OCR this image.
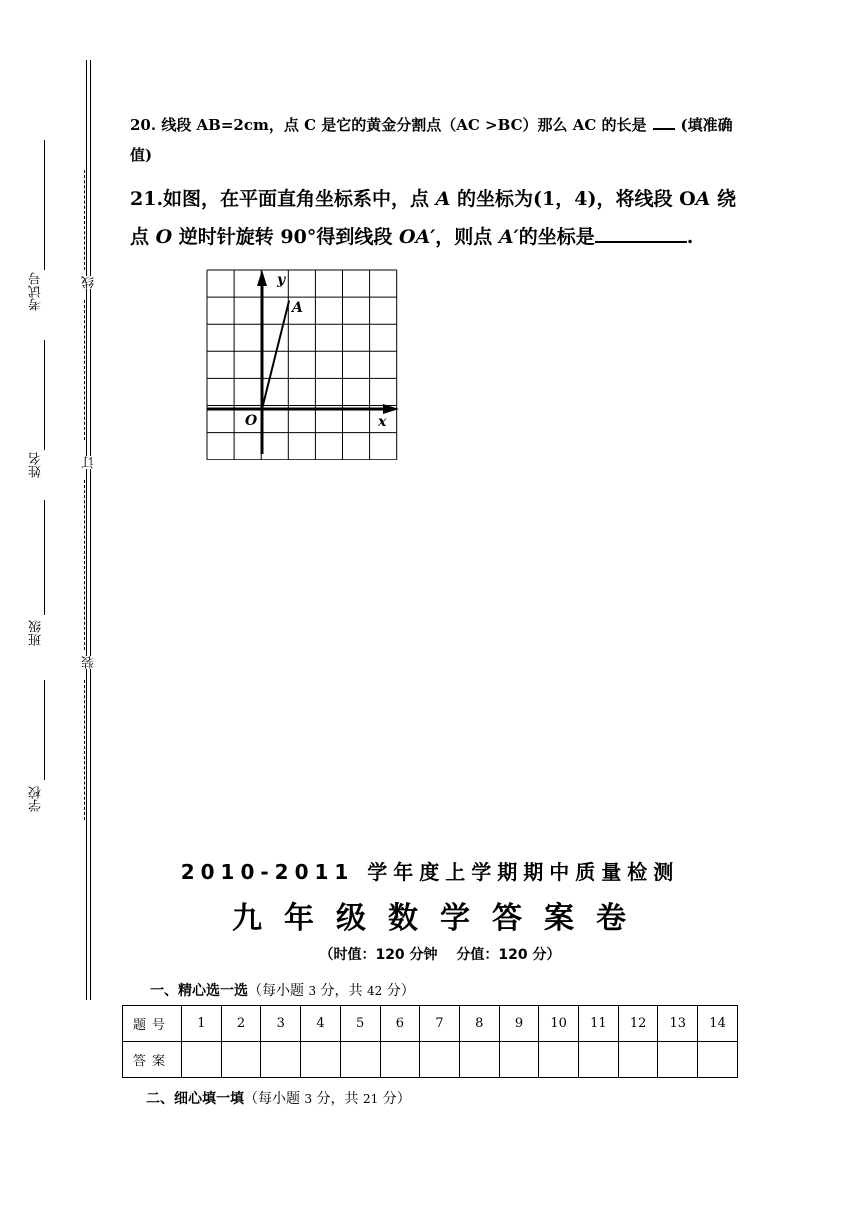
考试号
姓名
班级
学校
线
订
装
20. 线段 AB=2cm，点 C 是它的黄金分割点（AC >BC）那么 AC 的长是 (填准确值)
21.如图，在平面直角坐标系中，点 A 的坐标为(1，4)，将线段 OA 绕点 O 逆时针旋转 90°得到线段 OA′，则点 A′的坐标是	.
y
x
O
A
2010-2011 学年度上学期期中质量检测
九年级数学答案卷
（时值：120 分钟　 分值：120 分）
一、精心选一选（每小题 3 分，共 42 分）
题号	1	2	3	4	5	6	7	8	9	10	11	12	13	14
答案														
二、细心填一填（每小题 3 分，共 21 分）
